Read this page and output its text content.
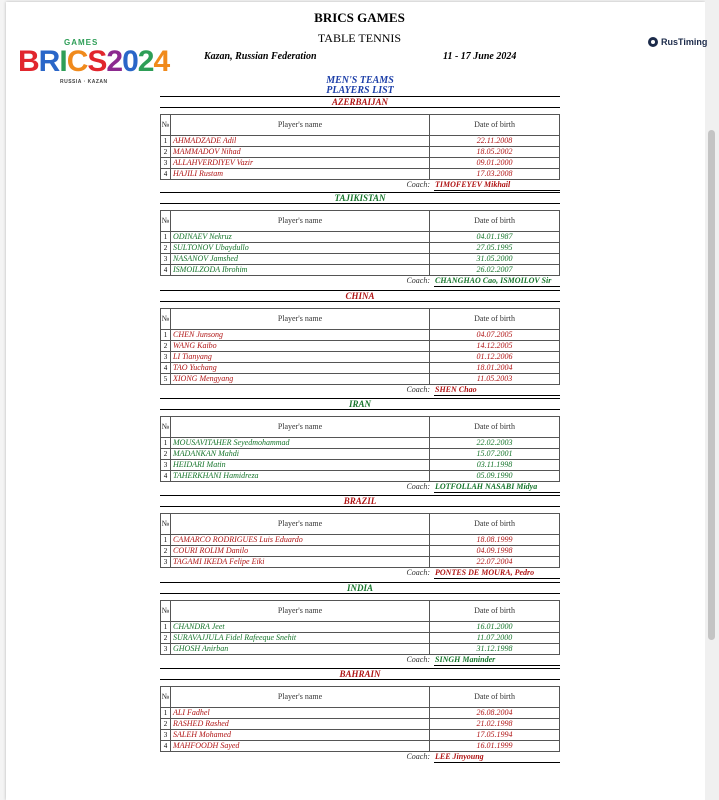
GAMES
BRICS2024
RUSSIA · KAZAN
RusTiming
BRICS GAMES
TABLE TENNIS
Kazan, Russian Federation	11 - 17 June 2024
MEN'S TEAMS
PLAYERS LIST
AZERBAIJAN
№	Player's name	Date of birth
1	AHMADZADE Adil	22.11.2008
2	MAMMADOV Nihad	18.05.2002
3	ALLAHVERDIYEV Vazir	09.01.2000
4	HAJILI Rustam	17.03.2008
Coach: TIMOFEYEV Mikhail
TAJIKISTAN
№	Player's name	Date of birth
1	ODINAEV Nekruz	04.01.1987
2	SULTONOV Ubaydullo	27.05.1995
3	NASANOV Jamshed	31.05.2000
4	ISMOILZODA Ibrohim	26.02.2007
Coach: CHANGHAO Cao, ISMOILOV Sir
CHINA
№	Player's name	Date of birth
1	CHEN Junsong	04.07.2005
2	WANG Kaibo	14.12.2005
3	LI Tianyang	01.12.2006
4	TAO Yuchang	18.01.2004
5	XIONG Mengyang	11.05.2003
Coach: SHEN Chao
IRAN
№	Player's name	Date of birth
1	MOUSAVITAHER Seyedmohammad	22.02.2003
2	MADANKAN Mahdi	15.07.2001
3	HEIDARI Matin	03.11.1998
4	TAHERKHANI Hamidreza	05.09.1990
Coach: LOTFOLLAH NASABI Midya
BRAZIL
№	Player's name	Date of birth
1	CAMARCO RODRIGUES Luis Eduardo	18.08.1999
2	COURI ROLIM Danilo	04.09.1998
3	TAGAMI IKEDA Felipe Eiki	22.07.2004
Coach: PONTES DE MOURA, Pedro
INDIA
№	Player's name	Date of birth
1	CHANDRA Jeet	16.01.2000
2	SURAVAJJULA Fidel Rafeeque Snehit	11.07.2000
3	GHOSH Anirban	31.12.1998
Coach: SINGH Maninder
BAHRAIN
№	Player's name	Date of birth
1	ALI Fadhel	26.08.2004
2	RASHED Rashed	21.02.1998
3	SALEH Mohamed	17.05.1994
4	MAHFOODH Sayed	16.01.1999
Coach: LEE Jinyoung
